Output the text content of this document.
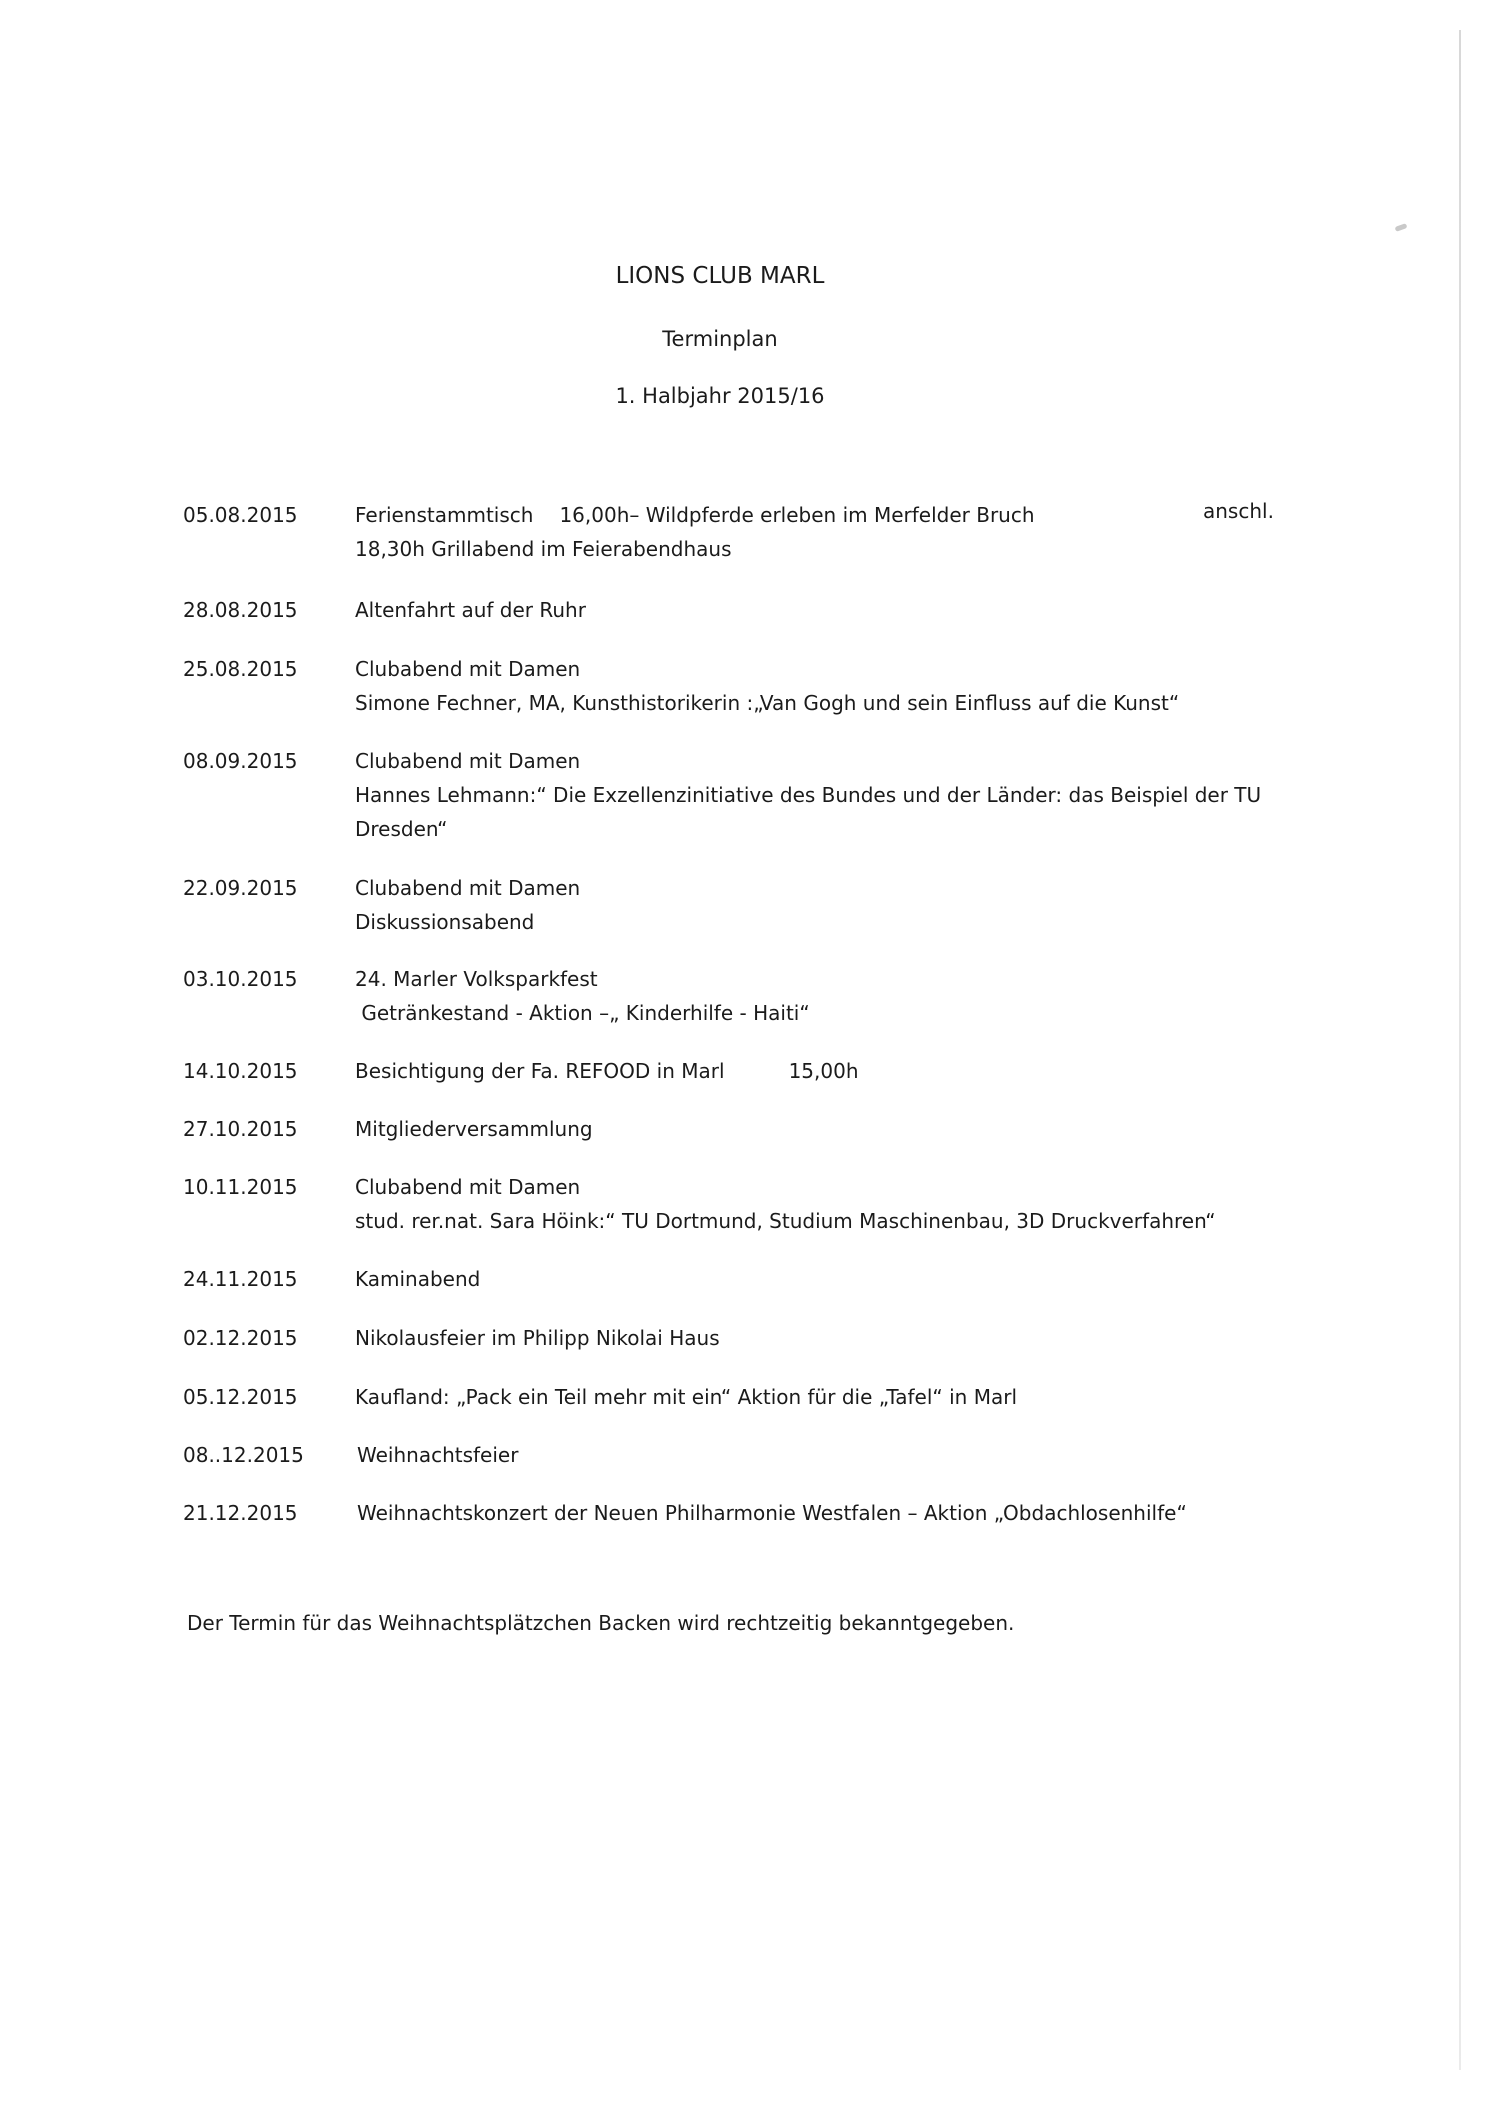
LIONS CLUB MARL
Terminplan
1. Halbjahr 2015/16
05.08.2015	Ferienstammtisch 16,00h– Wildpferde erleben im Merfelder Bruch
18,30h Grillabend im Feierabendhaus
anschl.
28.08.2015	Altenfahrt auf der Ruhr
25.08.2015	Clubabend mit Damen
Simone Fechner, MA, Kunsthistorikerin :„Van Gogh und sein Einfluss auf die Kunst“
08.09.2015	Clubabend mit Damen
Hannes Lehmann:“ Die Exzellenzinitiative des Bundes und der Länder: das Beispiel der TU
Dresden“
22.09.2015	Clubabend mit Damen
Diskussionsabend
03.10.2015	24. Marler Volksparkfest
Getränkestand - Aktion –„ Kinderhilfe - Haiti“
14.10.2015	Besichtigung der Fa. REFOOD in Marl	15,00h
27.10.2015	Mitgliederversammlung
10.11.2015	Clubabend mit Damen
stud. rer.nat. Sara Höink:“ TU Dortmund, Studium Maschinenbau, 3D Druckverfahren“
24.11.2015	Kaminabend
02.12.2015	Nikolausfeier im Philipp Nikolai Haus
05.12.2015	Kaufland: „Pack ein Teil mehr mit ein“ Aktion für die „Tafel“ in Marl
08..12.2015	Weihnachtsfeier
21.12.2015	Weihnachtskonzert der Neuen Philharmonie Westfalen – Aktion „Obdachlosenhilfe“
Der Termin für das Weihnachtsplätzchen Backen wird rechtzeitig bekanntgegeben.
